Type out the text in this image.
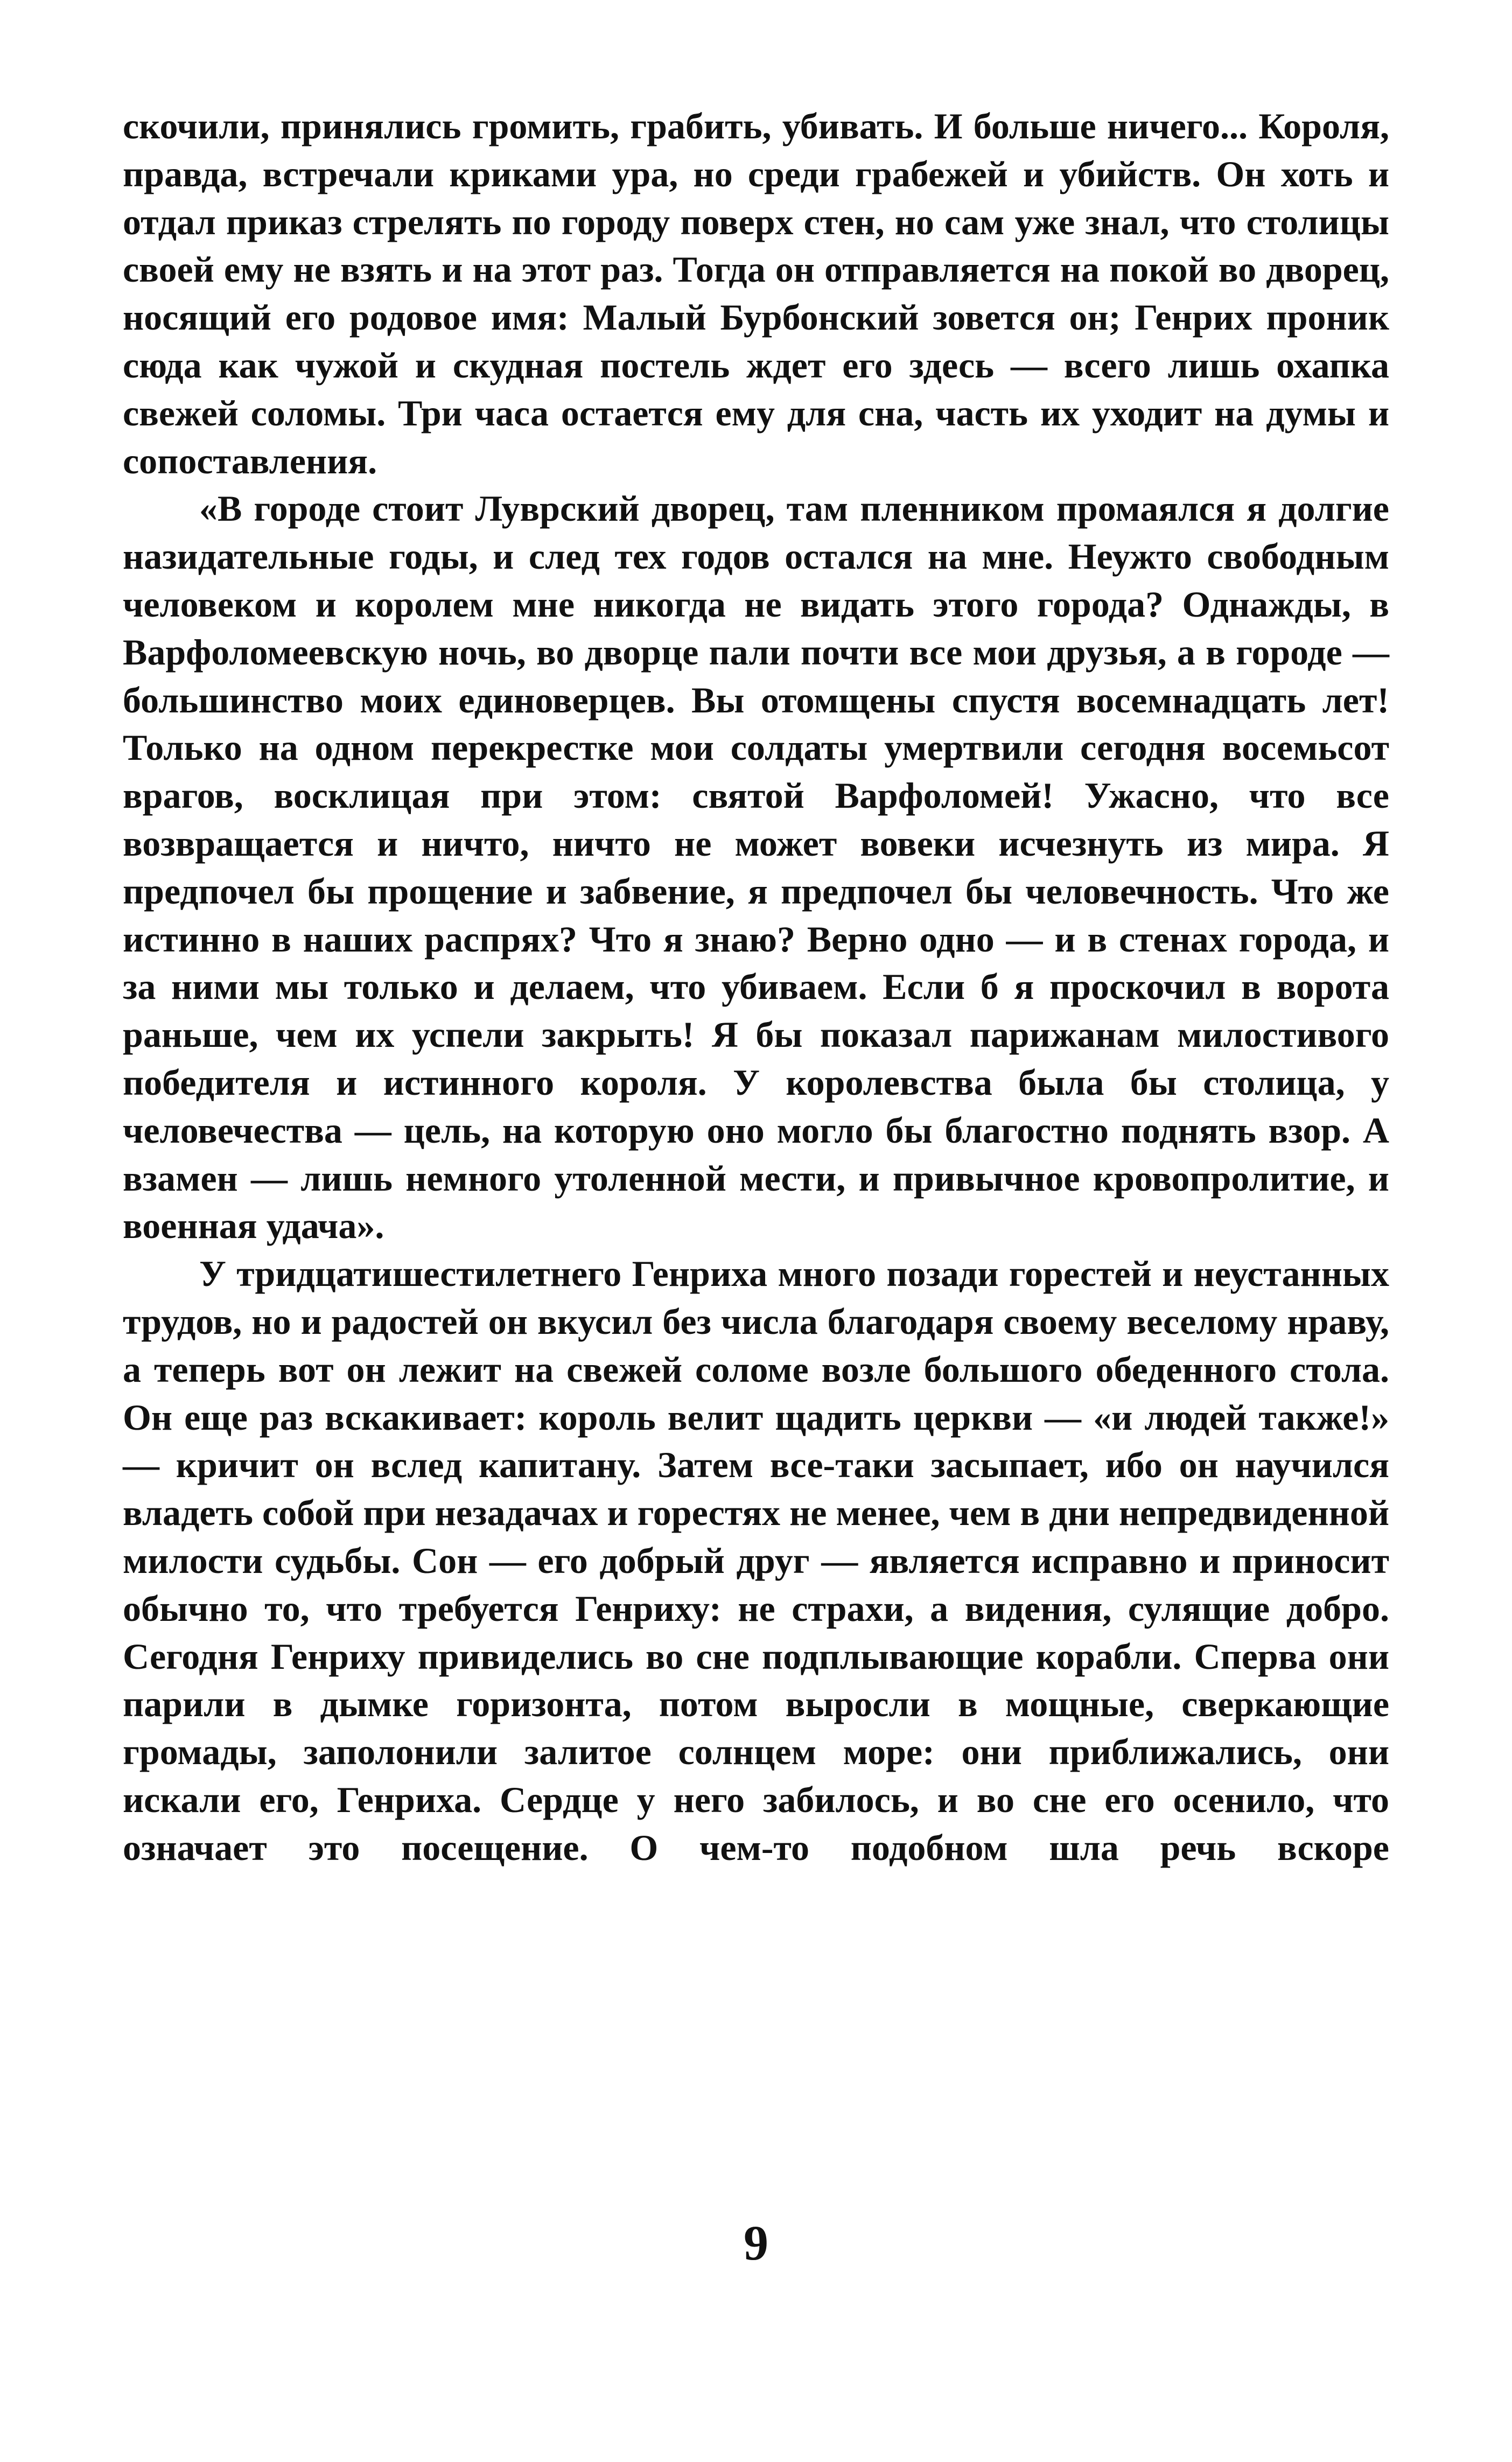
скочили, принялись громить, грабить, убивать. И больше ничего... Короля, правда, встречали криками ура, но среди грабежей и убийств. Он хоть и отдал приказ стрелять по городу поверх стен, но сам уже знал, что столицы своей ему не взять и на этот раз. Тогда он отправляется на покой во дворец, носящий его родовое имя: Малый Бурбонский зовется он; Генрих проник сюда как чужой и скудная постель ждет его здесь — всего лишь охапка свежей соломы. Три часа остается ему для сна, часть их уходит на думы и сопоставления.

«В городе стоит Луврский дворец, там пленником промаялся я долгие назидательные годы, и след тех годов остался на мне. Неужто свободным человеком и королем мне никогда не видать этого города? Однажды, в Варфоломеевскую ночь, во дворце пали почти все мои друзья, а в городе — большинство моих единоверцев. Вы отомщены спустя восемнадцать лет! Только на одном перекрестке мои солдаты умертвили сегодня восемьсот врагов, восклицая при этом: святой Варфоломей! Ужасно, что все возвращается и ничто, ничто не может вовеки исчезнуть из мира. Я предпочел бы прощение и забвение, я предпочел бы человечность. Что же истинно в наших распрях? Что я знаю? Верно одно — и в стенах города, и за ними мы только и делаем, что убиваем. Если б я проскочил в ворота раньше, чем их успели закрыть! Я бы показал парижанам милостивого победителя и истинного короля. У королевства была бы столица, у человечества — цель, на которую оно могло бы благостно поднять взор. А взамен — лишь немного утоленной мести, и привычное кровопролитие, и военная удача».

У тридцатишестилетнего Генриха много позади горестей и неустанных трудов, но и радостей он вкусил без числа благодаря своему веселому нраву, а теперь вот он лежит на свежей соломе возле большого обеденного стола. Он еще раз вскакивает: король велит щадить церкви — «и людей также!» — кричит он вслед капитану. Затем все-таки засыпает, ибо он научился владеть собой при незадачах и горестях не менее, чем в дни непредвиденной милости судьбы. Сон — его добрый друг — является исправно и приносит обычно то, что требуется Генриху: не страхи, а видения, сулящие добро. Сегодня Генриху привиделись во сне подплывающие корабли. Сперва они парили в дымке горизонта, потом выросли в мощные, сверкающие громады, заполонили залитое солнцем море: они приближались, они искали его, Генриха. Сердце у него забилось, и во сне его осенило, что означает это посещение. О чем-то подобном шла речь вскоре

9
